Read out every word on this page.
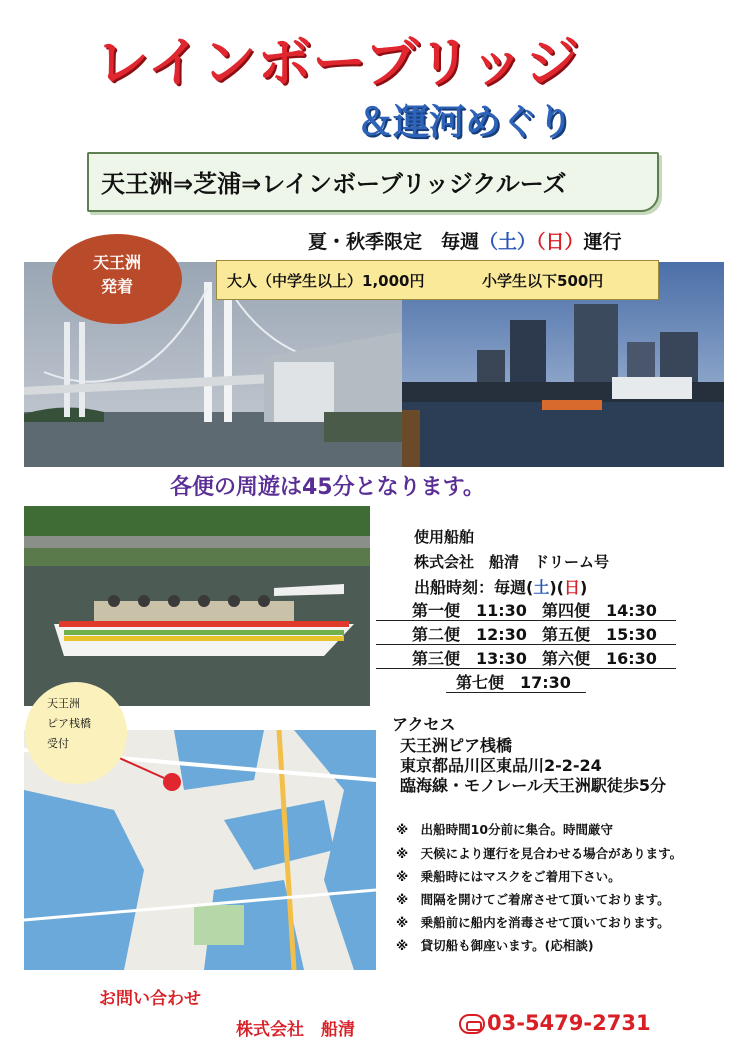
レインボーブリッジ
＆運河めぐり
天王洲⇒芝浦⇒レインボーブリッジクルーズ
夏・秋季限定　毎週（土）（日）運行
天王洲
発着	大人（中学生以上）1,000円	小学生以下500円
各便の周遊は45分となります。
使用船舶
株式会社　船清　ドリーム号
出船時刻：毎週(土)(日)
第一便　11:30 第四便　14:30
第二便　12:30 第五便　15:30
第三便　13:30 第六便　16:30
第七便　17:30
天王洲
ピア桟橋
受付
アクセス
天王洲ピア桟橋
東京都品川区東品川2-2-24
臨海線・モノレール天王洲駅徒歩5分
※　出船時間10分前に集合。時間厳守
※　天候により運行を見合わせる場合があります。
※　乗船時にはマスクをご着用下さい。
※　間隔を開けてご着席させて頂いております。
※　乗船前に船内を消毒させて頂いております。
※　貸切船も御座います。(応相談)
お問い合わせ
株式会社　船清	03-5479-2731
